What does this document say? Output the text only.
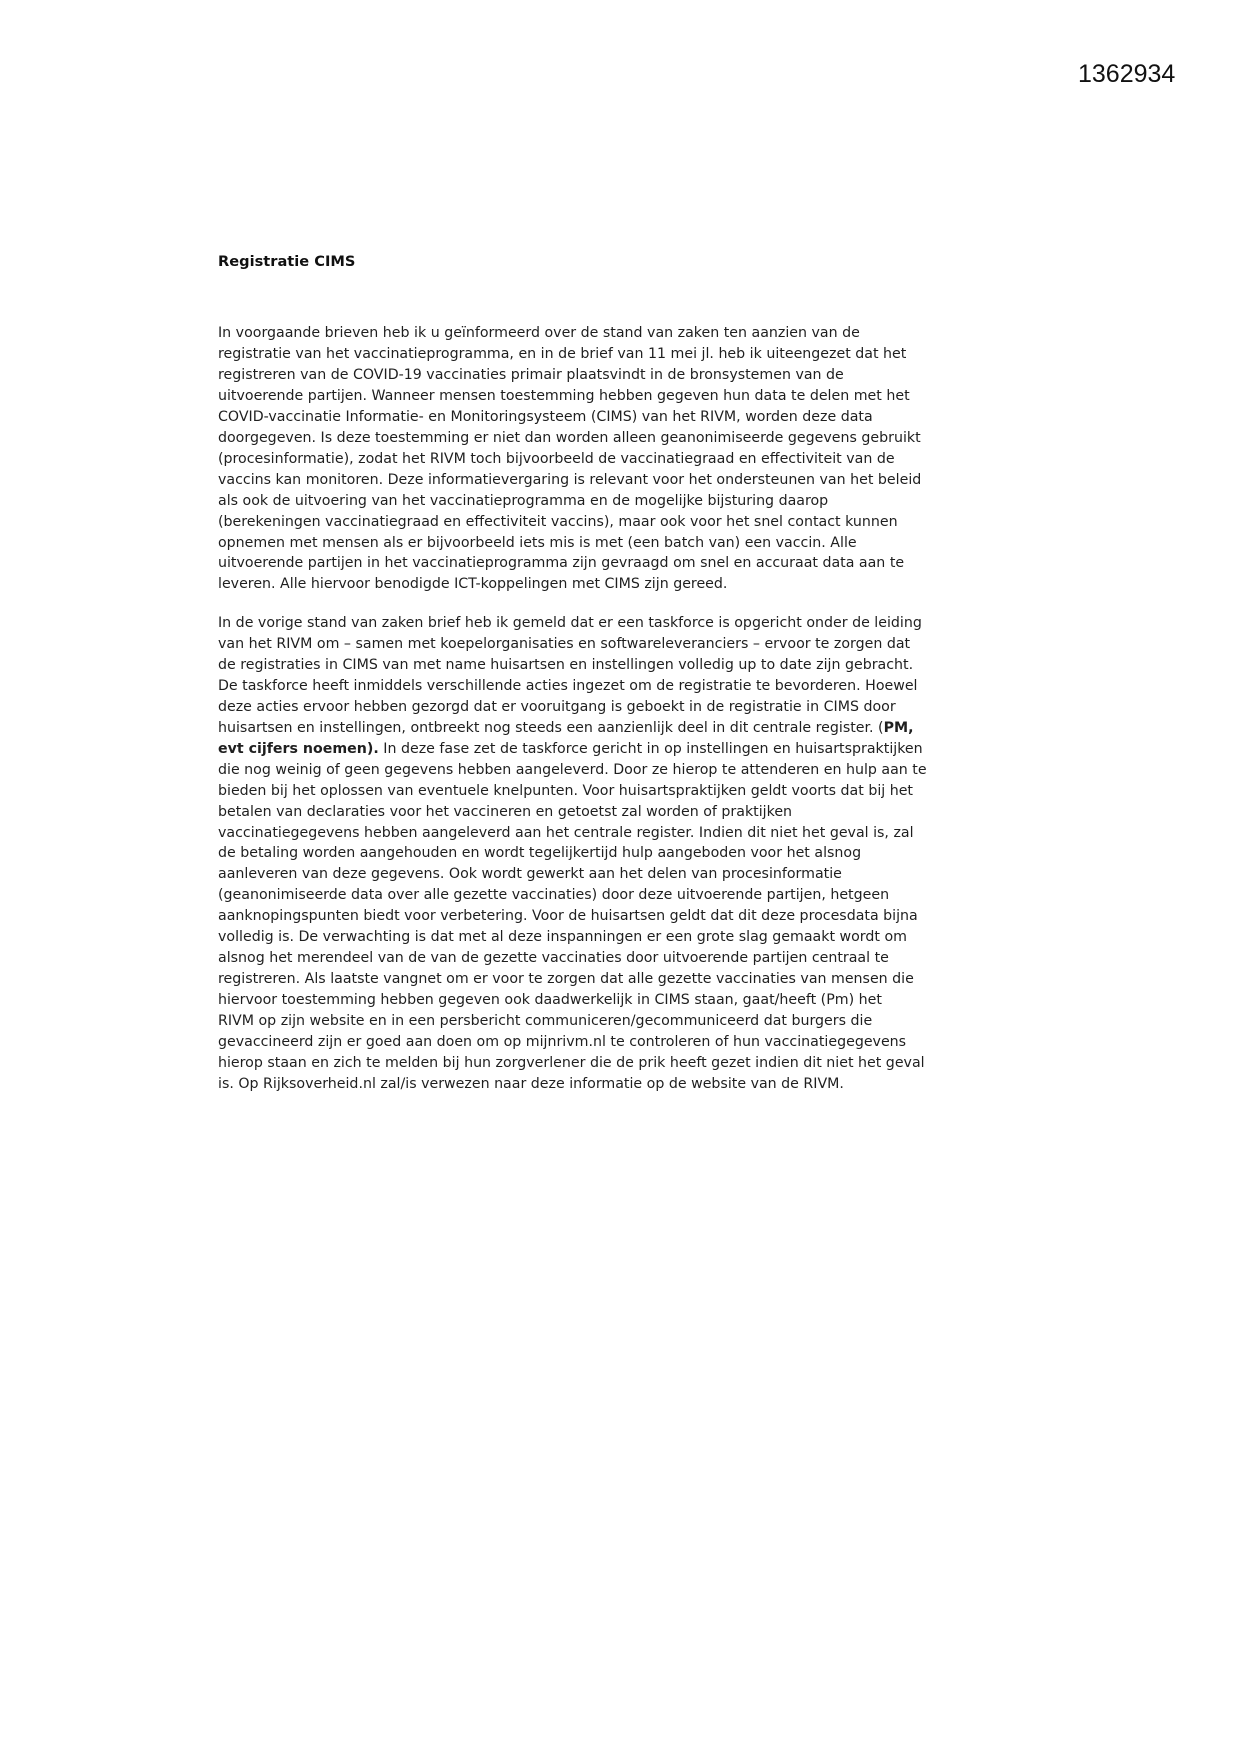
1362934
Registratie CIMS
In voorgaande brieven heb ik u geïnformeerd over de stand van zaken ten aanzien van de
registratie van het vaccinatieprogramma, en in de brief van 11 mei jl. heb ik uiteengezet dat het
registreren van de COVID-19 vaccinaties primair plaatsvindt in de bronsystemen van de
uitvoerende partijen. Wanneer mensen toestemming hebben gegeven hun data te delen met het
COVID-vaccinatie Informatie- en Monitoringsysteem (CIMS) van het RIVM, worden deze data
doorgegeven. Is deze toestemming er niet dan worden alleen geanonimiseerde gegevens gebruikt
(procesinformatie), zodat het RIVM toch bijvoorbeeld de vaccinatiegraad en effectiviteit van de
vaccins kan monitoren. Deze informatievergaring is relevant voor het ondersteunen van het beleid
als ook de uitvoering van het vaccinatieprogramma en de mogelijke bijsturing daarop
(berekeningen vaccinatiegraad en effectiviteit vaccins), maar ook voor het snel contact kunnen
opnemen met mensen als er bijvoorbeeld iets mis is met (een batch van) een vaccin. Alle
uitvoerende partijen in het vaccinatieprogramma zijn gevraagd om snel en accuraat data aan te
leveren. Alle hiervoor benodigde ICT-koppelingen met CIMS zijn gereed.
In de vorige stand van zaken brief heb ik gemeld dat er een taskforce is opgericht onder de leiding
van het RIVM om – samen met koepelorganisaties en softwareleveranciers – ervoor te zorgen dat
de registraties in CIMS van met name huisartsen en instellingen volledig up to date zijn gebracht.
De taskforce heeft inmiddels verschillende acties ingezet om de registratie te bevorderen. Hoewel
deze acties ervoor hebben gezorgd dat er vooruitgang is geboekt in de registratie in CIMS door
huisartsen en instellingen, ontbreekt nog steeds een aanzienlijk deel in dit centrale register. (PM,
evt cijfers noemen). In deze fase zet de taskforce gericht in op instellingen en huisartspraktijken
die nog weinig of geen gegevens hebben aangeleverd. Door ze hierop te attenderen en hulp aan te
bieden bij het oplossen van eventuele knelpunten. Voor huisartspraktijken geldt voorts dat bij het
betalen van declaraties voor het vaccineren en getoetst zal worden of praktijken
vaccinatiegegevens hebben aangeleverd aan het centrale register. Indien dit niet het geval is, zal
de betaling worden aangehouden en wordt tegelijkertijd hulp aangeboden voor het alsnog
aanleveren van deze gegevens. Ook wordt gewerkt aan het delen van procesinformatie
(geanonimiseerde data over alle gezette vaccinaties) door deze uitvoerende partijen, hetgeen
aanknopingspunten biedt voor verbetering. Voor de huisartsen geldt dat dit deze procesdata bijna
volledig is. De verwachting is dat met al deze inspanningen er een grote slag gemaakt wordt om
alsnog het merendeel van de van de gezette vaccinaties door uitvoerende partijen centraal te
registreren. Als laatste vangnet om er voor te zorgen dat alle gezette vaccinaties van mensen die
hiervoor toestemming hebben gegeven ook daadwerkelijk in CIMS staan, gaat/heeft (Pm) het
RIVM op zijn website en in een persbericht communiceren/gecommuniceerd dat burgers die
gevaccineerd zijn er goed aan doen om op mijnrivm.nl te controleren of hun vaccinatiegegevens
hierop staan en zich te melden bij hun zorgverlener die de prik heeft gezet indien dit niet het geval
is. Op Rijksoverheid.nl zal/is verwezen naar deze informatie op de website van de RIVM.
